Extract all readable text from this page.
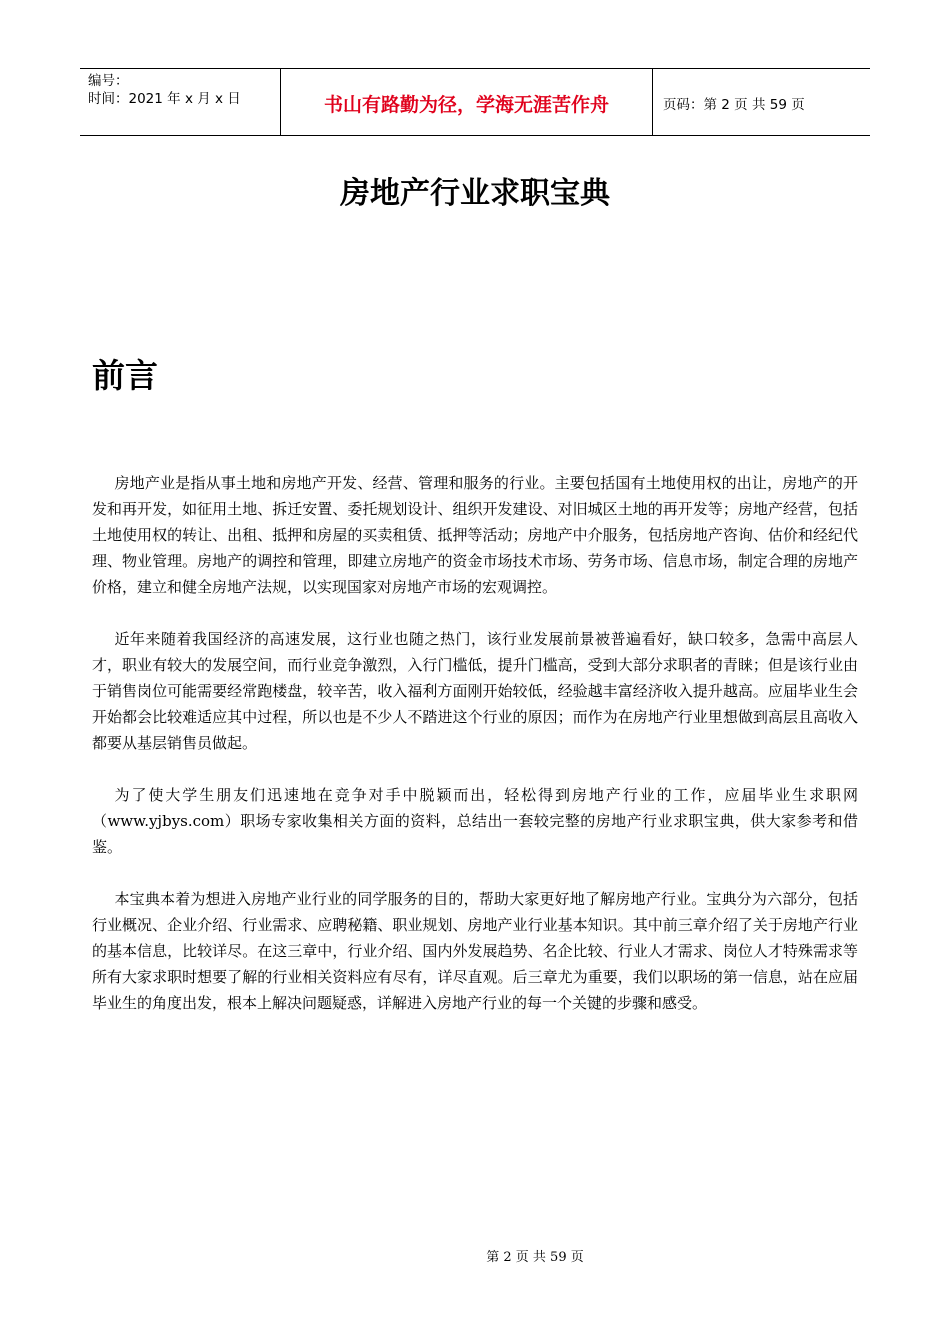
编号：
时间：2021 年 x 月 x 日	书山有路勤为径，学海无涯苦作舟	页码：第 2 页 共 59 页
房地产行业求职宝典
前言

房地产业是指从事土地和房地产开发、经营、管理和服务的行业。主要包括国有土地使用权的出让，房地产的开发和再开发，如征用土地、拆迁安置、委托规划设计、组织开发建设、对旧城区土地的再开发等；房地产经营，包括土地使用权的转让、出租、抵押和房屋的买卖租赁、抵押等活动；房地产中介服务，包括房地产咨询、估价和经纪代理、物业管理。房地产的调控和管理，即建立房地产的资金市场技术市场、劳务市场、信息市场，制定合理的房地产价格，建立和健全房地产法规，以实现国家对房地产市场的宏观调控。

近年来随着我国经济的高速发展，这行业也随之热门，该行业发展前景被普遍看好，缺口较多，急需中高层人才，职业有较大的发展空间，而行业竞争激烈，入行门槛低，提升门槛高，受到大部分求职者的青睐；但是该行业由于销售岗位可能需要经常跑楼盘，较辛苦，收入福利方面刚开始较低，经验越丰富经济收入提升越高。应届毕业生会开始都会比较难适应其中过程，所以也是不少人不踏进这个行业的原因；而作为在房地产行业里想做到高层且高收入都要从基层销售员做起。

为了使大学生朋友们迅速地在竞争对手中脱颖而出，轻松得到房地产行业的工作，应届毕业生求职网（www.yjbys.com）职场专家收集相关方面的资料，总结出一套较完整的房地产行业求职宝典，供大家参考和借鉴。

本宝典本着为想进入房地产业行业的同学服务的目的，帮助大家更好地了解房地产行业。宝典分为六部分，包括行业概况、企业介绍、行业需求、应聘秘籍、职业规划、房地产业行业基本知识。其中前三章介绍了关于房地产行业的基本信息，比较详尽。在这三章中，行业介绍、国内外发展趋势、名企比较、行业人才需求、岗位人才特殊需求等所有大家求职时想要了解的行业相关资料应有尽有，详尽直观。后三章尤为重要，我们以职场的第一信息，站在应届毕业生的角度出发，根本上解决问题疑惑，详解进入房地产行业的每一个关键的步骤和感受。

第 2 页 共 59 页
